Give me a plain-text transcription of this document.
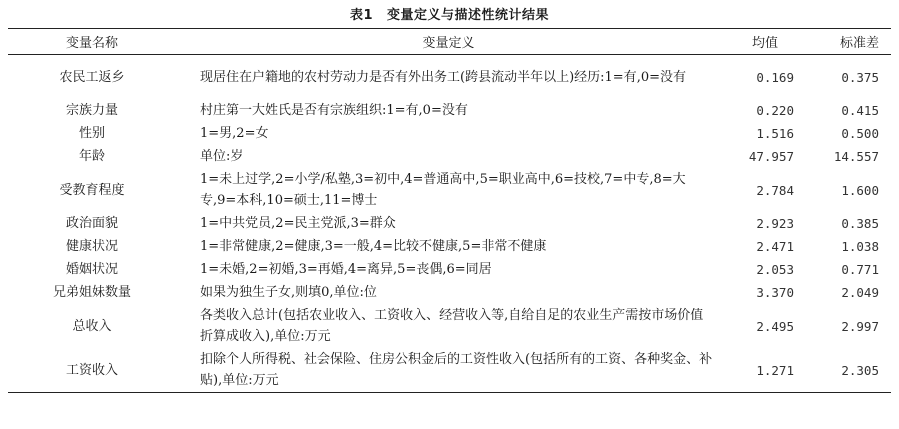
表1 变量定义与描述性统计结果
变量名称	变量定义	均值	标准差
农民工返乡	现居住在户籍地的农村劳动力是否有外出务工(跨县流动半年以上)经历:1=有,0=没有	0.169	0.375
宗族力量	村庄第一大姓氏是否有宗族组织:1=有,0=没有	0.220	0.415
性别	1=男,2=女	1.516	0.500
年龄	单位:岁	47.957	14.557
受教育程度	1=未上过学,2=小学/私塾,3=初中,4=普通高中,5=职业高中,6=技校,7=中专,8=大专,9=本科,10=硕士,11=博士	2.784	1.600
政治面貌	1=中共党员,2=民主党派,3=群众	2.923	0.385
健康状况	1=非常健康,2=健康,3=一般,4=比较不健康,5=非常不健康	2.471	1.038
婚姻状况	1=未婚,2=初婚,3=再婚,4=离异,5=丧偶,6=同居	2.053	0.771
兄弟姐妹数量	如果为独生子女,则填0,单位:位	3.370	2.049
总收入	各类收入总计(包括农业收入、工资收入、经营收入等,自给自足的农业生产需按市场价值折算成收入),单位:万元	2.495	2.997
工资收入	扣除个人所得税、社会保险、住房公积金后的工资性收入(包括所有的工资、各种奖金、补贴),单位:万元	1.271	2.305
